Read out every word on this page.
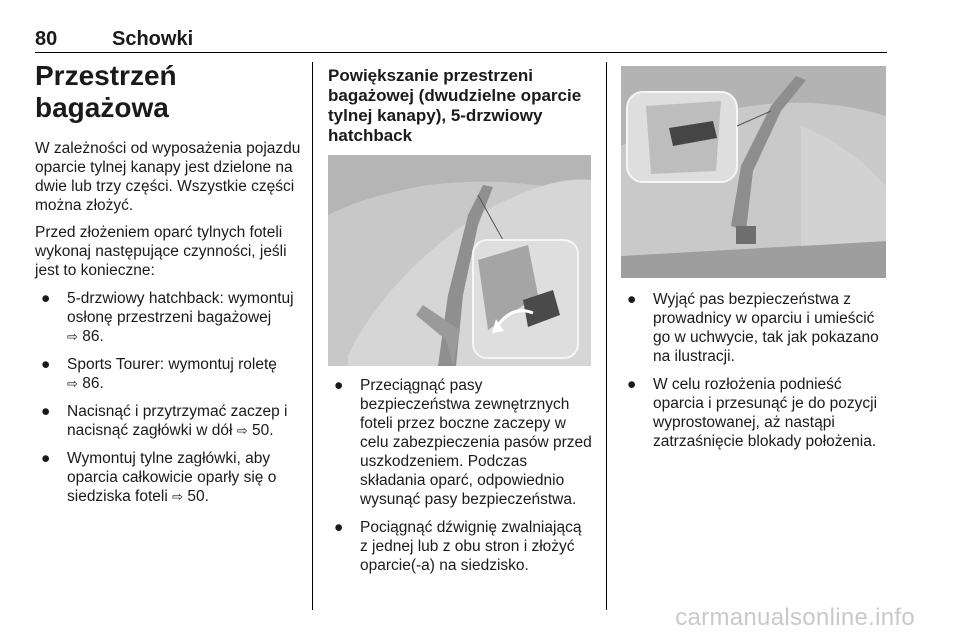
80	Schowki
Przestrzeń bagażowa

W zależności od wyposażenia pojazdu oparcie tylnej kanapy jest dzielone na dwie lub trzy części. Wszystkie części można złożyć.

Przed złożeniem oparć tylnych foteli wykonaj następujące czynności, jeśli jest to konieczne:

● 5-drzwiowy hatchback: wymontuj osłonę przestrzeni bagażowej
⇨ 86.
● Sports Tourer: wymontuj roletę
⇨ 86.
● Nacisnąć i przytrzymać zaczep i nacisnąć zagłówki w dół ⇨ 50.
● Wymontuj tylne zagłówki, aby oparcia całkowicie oparły się o siedziska foteli ⇨ 50.
Powiększanie przestrzeni bagażowej (dwudzielne oparcie tylnej kanapy), 5-drzwiowy hatchback
● Przeciągnąć pasy bezpieczeństwa zewnętrznych foteli przez boczne zaczepy w celu zabezpieczenia pasów przed uszkodzeniem. Podczas składania oparć, odpowiednio wysunąć pasy bezpieczeństwa.
● Pociągnąć dźwignię zwalniającą z jednej lub z obu stron i złożyć oparcie(-a) na siedzisko.
● Wyjąć pas bezpieczeństwa z prowadnicy w oparciu i umieścić go w uchwycie, tak jak pokazano na ilustracji.
● W celu rozłożenia podnieść oparcia i przesunąć je do pozycji wyprostowanej, aż nastąpi zatrzaśnięcie blokady położenia.
carmanualsonline.info
